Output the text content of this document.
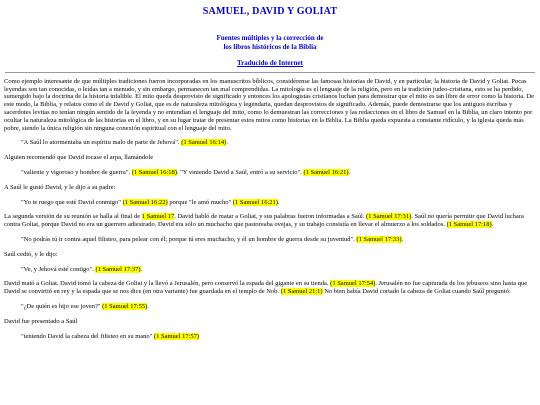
SAMUEL, DAVID Y GOLIAT
Fuentes múltiples y la corrección de
los libros históricos de la Biblia
Traducido de Internet

Como ejemplo interesante de que múltiples tradiciones fueron incorporadas en los manuscritos bíblicos, considérense las famosas historias de David, y en particular, la historia de David y Goliat. Pocas leyendas son tan conocidas, o leídas tan a menudo, y sin embargo, permanecen tan mal comprendidas. La mitología es el lenguaje de la religión, pero en la tradición judeo-cristiana, esto se ha perdido, sumergido bajo la doctrina de la historia infalible. El mito queda desprovisto de significado y entonces los apologistas cristianos luchan para demostrar que el mito es tan libre de error como la historia. De este modo, la Biblia, y relatos como el de David y Goliat, que es de naturaleza mitológica y legendaria, quedan desprovistos de significado. Además, puede demostrarse que los antiguos escribas y sacerdotes levitas no tenían ningún sentido de la leyenda y no entendían el lenguaje del mito, como lo demuestran las correcciones y las redacciones en el libro de Samuel en la Biblia, un claro intento por ocultar la naturaleza mitológica de las historias en el libro, y en su lugar tratar de presentar estos mitos como historias en la Biblia. La Biblia queda expuesta a constante ridículo, y la iglesia queda más pobre, siendo la única religión sin ninguna conexión espiritual con el lenguaje del mito.

"A Saúl lo atormentaba un espíritu malo de parte de Jehová". (1 Samuel 16:14).

Alguien recomendó que David tocase el arpa, llamándole

"valiente y vigoroso y hombre de guerra". (1 Samuel 16:18). "Y viniendo David a Saúl, entró a su servicio". (1 Samuel 16:21).

A Saúl le gustó David, y le dijo a su padre:

"Yo te ruego que esté David conmigo" (1 Samuel 16:22) porque "le amó mucho" (1 Samuel 16:21).

La segunda versión de su reunión se halla al final de 1 Samuel 17. David habló de matar a Goliat, y sus palabras fueron informadas a Saúl. (1 Samuel 17:31). Saúl no quería permitir que David luchara contra Goliat, porque David no era un guerrero adiestrado. David era sólo un muchacho que pastoreaba ovejas, y su trabajo consistía en llevar el almuerzo a los soldados. (1 Samuel 17:18).

"No podrás tú ir contra aquel filisteo, para pelear con él; porque tú eres muchacho, y él un hombre de guerra desde su juventud". (1 Samuel 17:33).

Saúl cedió, y le dijo:

"Ve, y Jehová esté contigo". (1 Samuel 17:37).

David mató a Goliat. David tomó la cabeza de Goliat y la llevó a Jerusalén, pero conservó la espada del gigante en su tienda. (1 Samuel 17:54). Jerusalén no fue capturada de los jebuseos sino hasta que David se convirtió en rey y la espada que se nos dice (en otra variante) fue guardada en el templo de Nob. (1 Samuel 21:1) No bien había David cortado la cabeza de Goliat cuando Saúl preguntó:

"¿De quién es hijo ese joven?" (1 Samuel 17:55).

David fue presentado a Saúl

"teniendo David la cabeza del filisteo en su mano" (1 Samuel 17:57)
